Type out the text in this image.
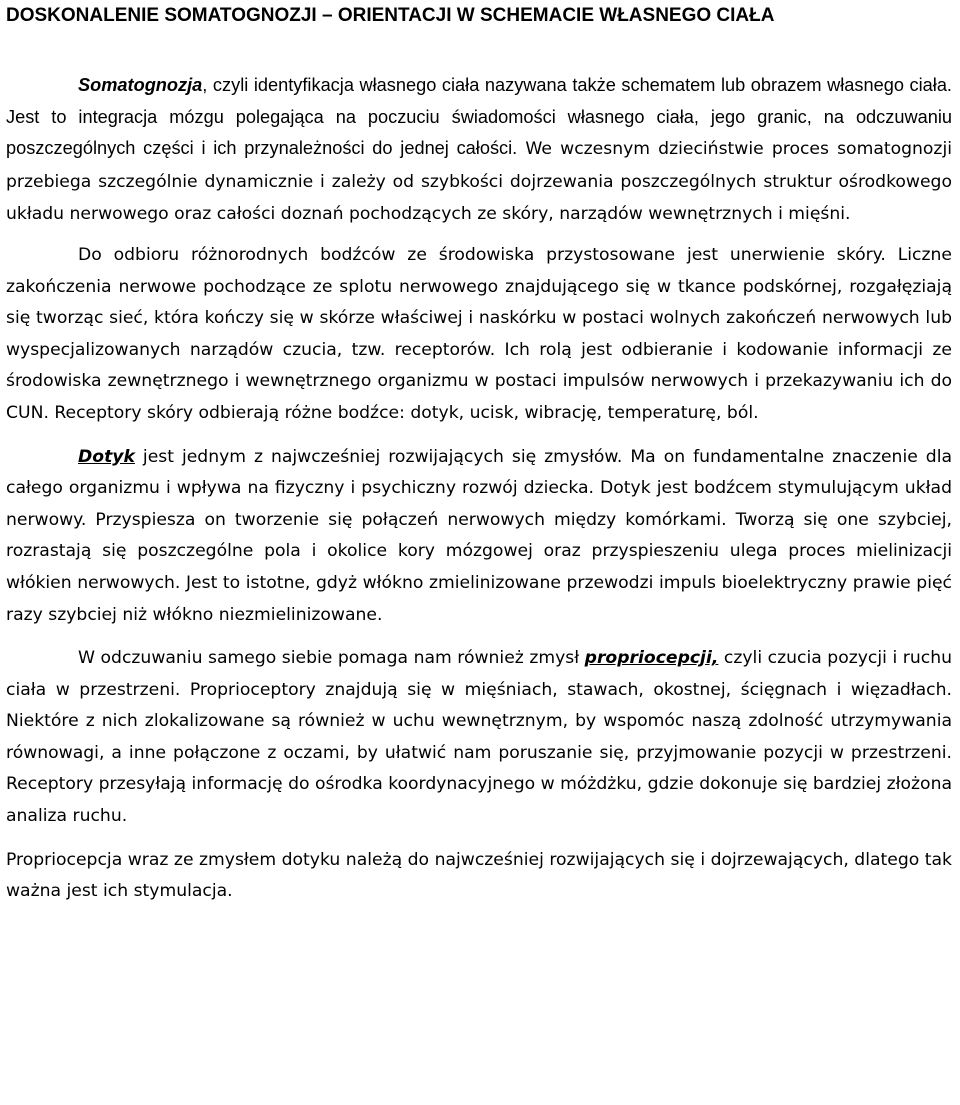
DOSKONALENIE SOMATOGNOZJI – ORIENTACJI W SCHEMACIE WŁASNEGO CIAŁA

Somatognozja, czyli identyfikacja własnego ciała nazywana także schematem lub obrazem własnego ciała. Jest to integracja mózgu polegająca na poczuciu świadomości własnego ciała, jego granic, na odczuwaniu poszczególnych części i ich przynależności do jednej całości. We wczesnym dzieciństwie proces somatognozji przebiega szczególnie dynamicznie i zależy od szybkości dojrzewania poszczególnych struktur ośrodkowego układu nerwowego oraz całości doznań pochodzących ze skóry, narządów wewnętrznych i mięśni.

Do odbioru różnorodnych bodźców ze środowiska przystosowane jest unerwienie skóry. Liczne zakończenia nerwowe pochodzące ze splotu nerwowego znajdującego się w tkance podskórnej, rozgałęziają się tworząc sieć, która kończy się w skórze właściwej i naskórku w postaci wolnych zakończeń nerwowych lub wyspecjalizowanych narządów czucia, tzw. receptorów. Ich rolą jest odbieranie i kodowanie informacji ze środowiska zewnętrznego i wewnętrznego organizmu w postaci impulsów nerwowych i przekazywaniu ich do CUN. Receptory skóry odbierają różne bodźce: dotyk, ucisk, wibrację, temperaturę, ból.

Dotyk jest jednym z najwcześniej rozwijających się zmysłów. Ma on fundamentalne znaczenie dla całego organizmu i wpływa na fizyczny i psychiczny rozwój dziecka. Dotyk jest bodźcem stymulującym układ nerwowy. Przyspiesza on tworzenie się połączeń nerwowych między komórkami. Tworzą się one szybciej, rozrastają się poszczególne pola i okolice kory mózgowej oraz przyspieszeniu ulega proces mielinizacji włókien nerwowych. Jest to istotne, gdyż włókno zmielinizowane przewodzi impuls bioelektryczny prawie pięć razy szybciej niż włókno niezmielinizowane.

W odczuwaniu samego siebie pomaga nam również zmysł propriocepcji, czyli czucia pozycji i ruchu ciała w przestrzeni. Proprioceptory znajdują się w mięśniach, stawach, okostnej, ścięgnach i więzadłach. Niektóre z nich zlokalizowane są również w uchu wewnętrznym, by wspomóc naszą zdolność utrzymywania równowagi, a inne połączone z oczami, by ułatwić nam poruszanie się, przyjmowanie pozycji w przestrzeni. Receptory przesyłają informację do ośrodka koordynacyjnego w móżdżku, gdzie dokonuje się bardziej złożona analiza ruchu.

Propriocepcja wraz ze zmysłem dotyku należą do najwcześniej rozwijających się i dojrzewających, dlatego tak ważna jest ich stymulacja.
